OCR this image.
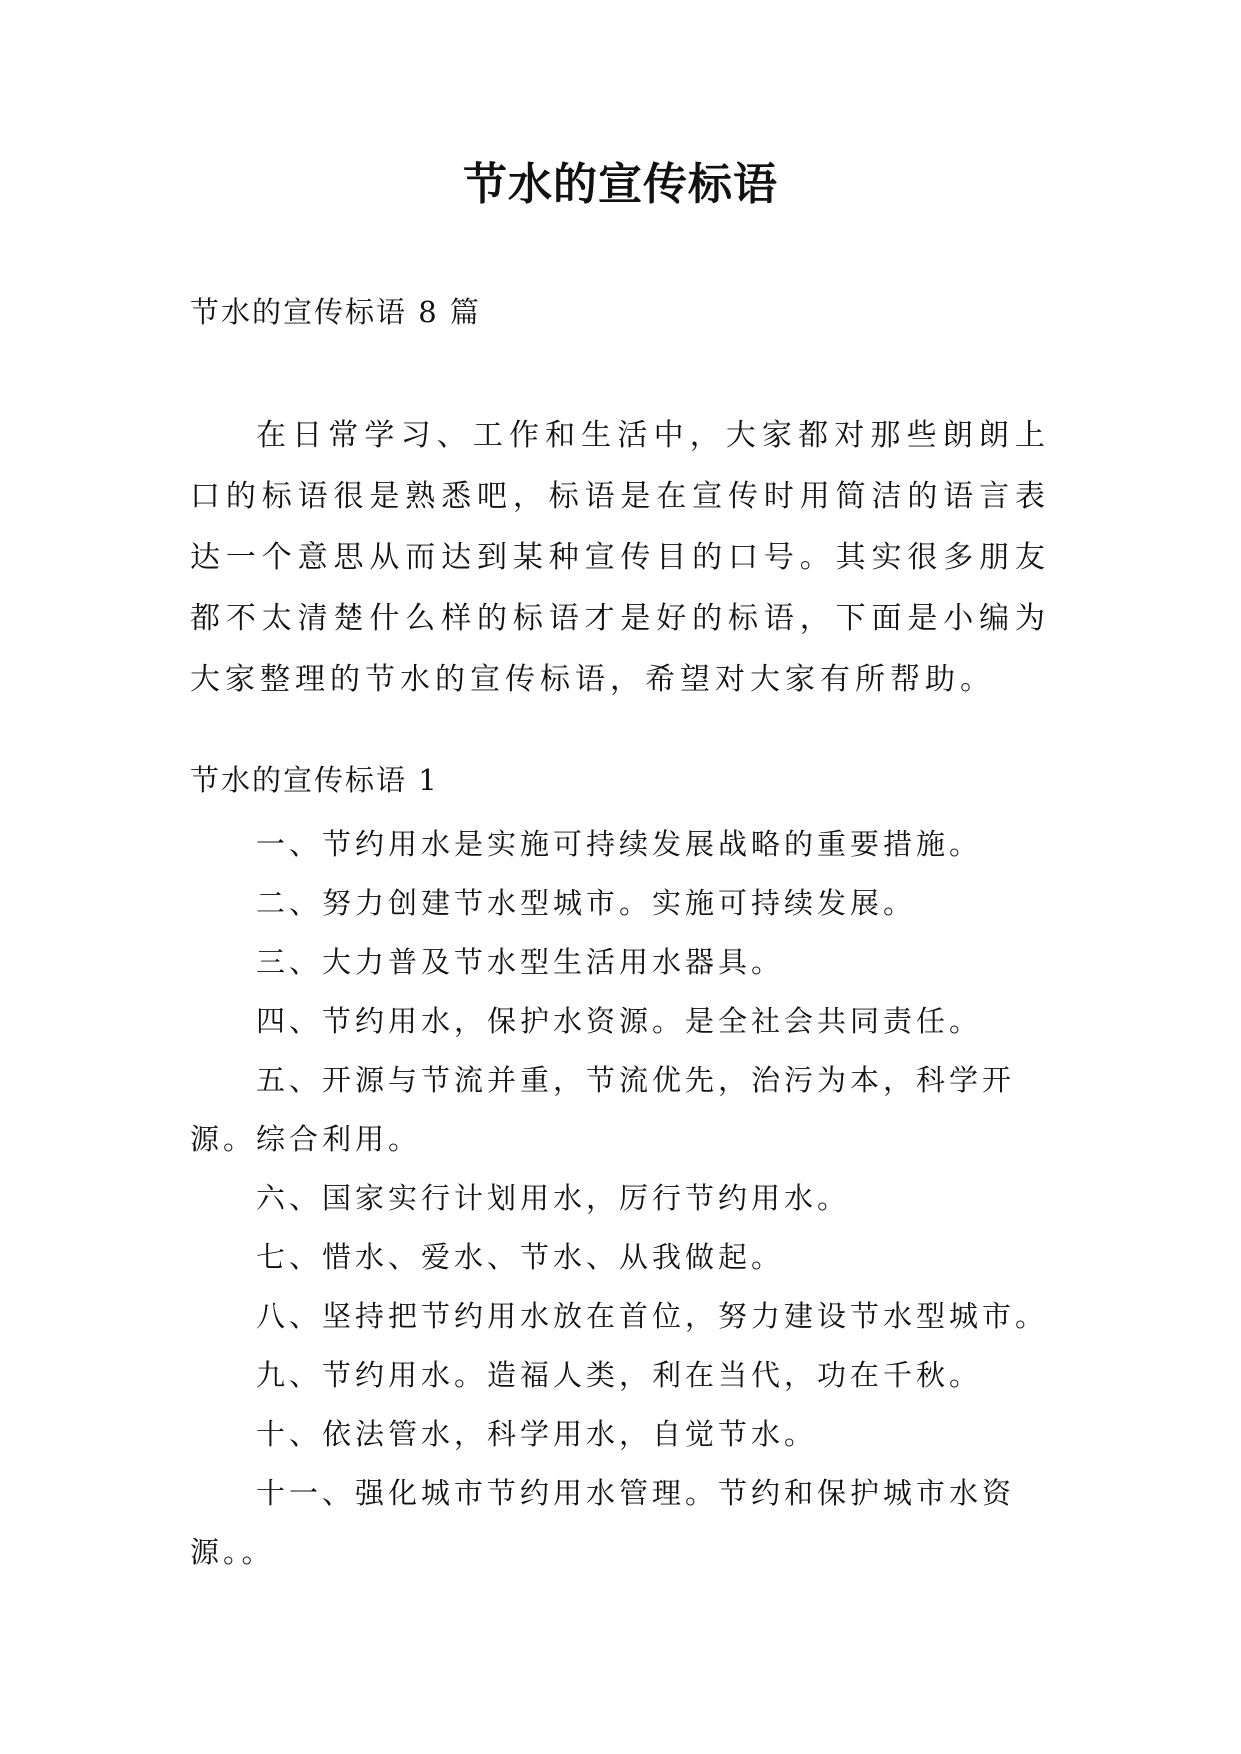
节水的宣传标语
节水的宣传标语 8 篇

在日常学习、工作和生活中，大家都对那些朗朗上口的标语很是熟悉吧，标语是在宣传时用简洁的语言表达一个意思从而达到某种宣传目的口号。其实很多朋友都不太清楚什么样的标语才是好的标语，下面是小编为大家整理的节水的宣传标语，希望对大家有所帮助。

节水的宣传标语 1

一、节约用水是实施可持续发展战略的重要措施。

二、努力创建节水型城市。实施可持续发展。

三、大力普及节水型生活用水器具。

四、节约用水，保护水资源。是全社会共同责任。

五、开源与节流并重，节流优先，治污为本，科学开源。综合利用。

六、国家实行计划用水，厉行节约用水。

七、惜水、爱水、节水、从我做起。

八、坚持把节约用水放在首位，努力建设节水型城市。

九、节约用水。造福人类，利在当代，功在千秋。

十、依法管水，科学用水，自觉节水。

十一、强化城市节约用水管理。节约和保护城市水资源。。
